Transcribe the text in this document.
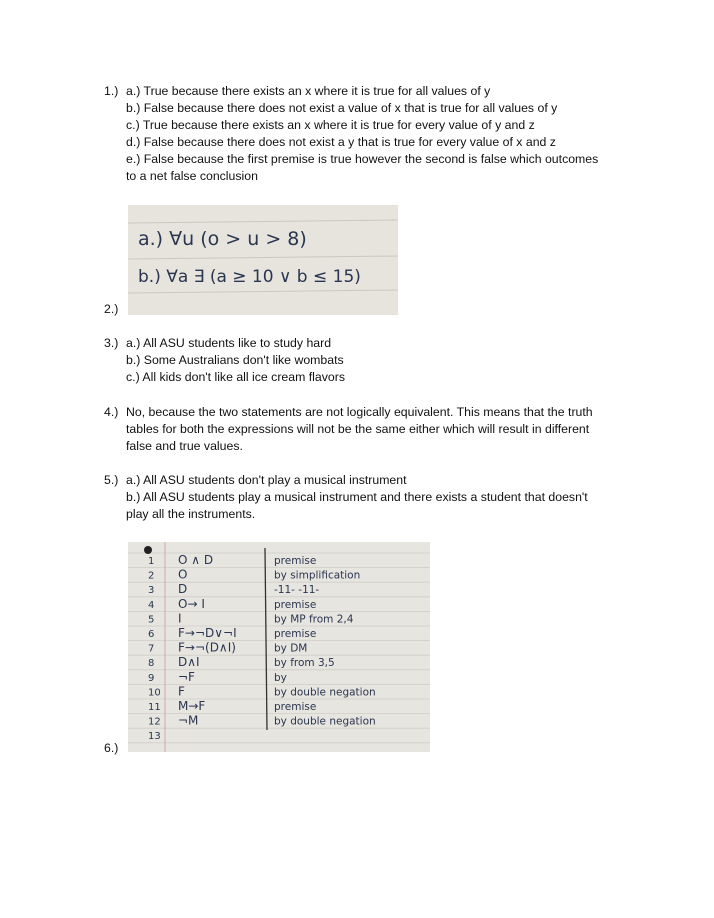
1.) a.) True because there exists an x where it is true for all values of y
b.) False because there does not exist a value of x that is true for all values of y
c.) True because there exists an x where it is true for every value of y and z
d.) False because there does not exist a y that is true for every value of x and z
e.) False because the first premise is true however the second is false which outcomes
to a net false conclusion
a.) ∀u (o > u > 8)
b.) ∀a ∃ (a ≥ 10 ∨ b ≤ 15)
2.)
3.) a.) All ASU students like to study hard
b.) Some Australians don't like wombats
c.) All kids don't like all ice cream flavors
4.) No, because the two statements are not logically equivalent. This means that the truth
tables for both the expressions will not be the same either which will result in different
false and true values.
5.) a.) All ASU students don't play a musical instrument
b.) All ASU students play a musical instrument and there exists a student that doesn't
play all the instruments.
1 O ∧ D	premise
2 O	by simplification
3 D	-11- -11-
4 O→ I	premise
5 I	by MP from 2,4
6 F→¬D∨¬I	premise
7 F→¬(D∧I)	by DM
8 D∧I	by from 3,5
9 ¬F	by
10 F	by double negation
11 M→F	premise
12 ¬M	by double negation
13
6.)
